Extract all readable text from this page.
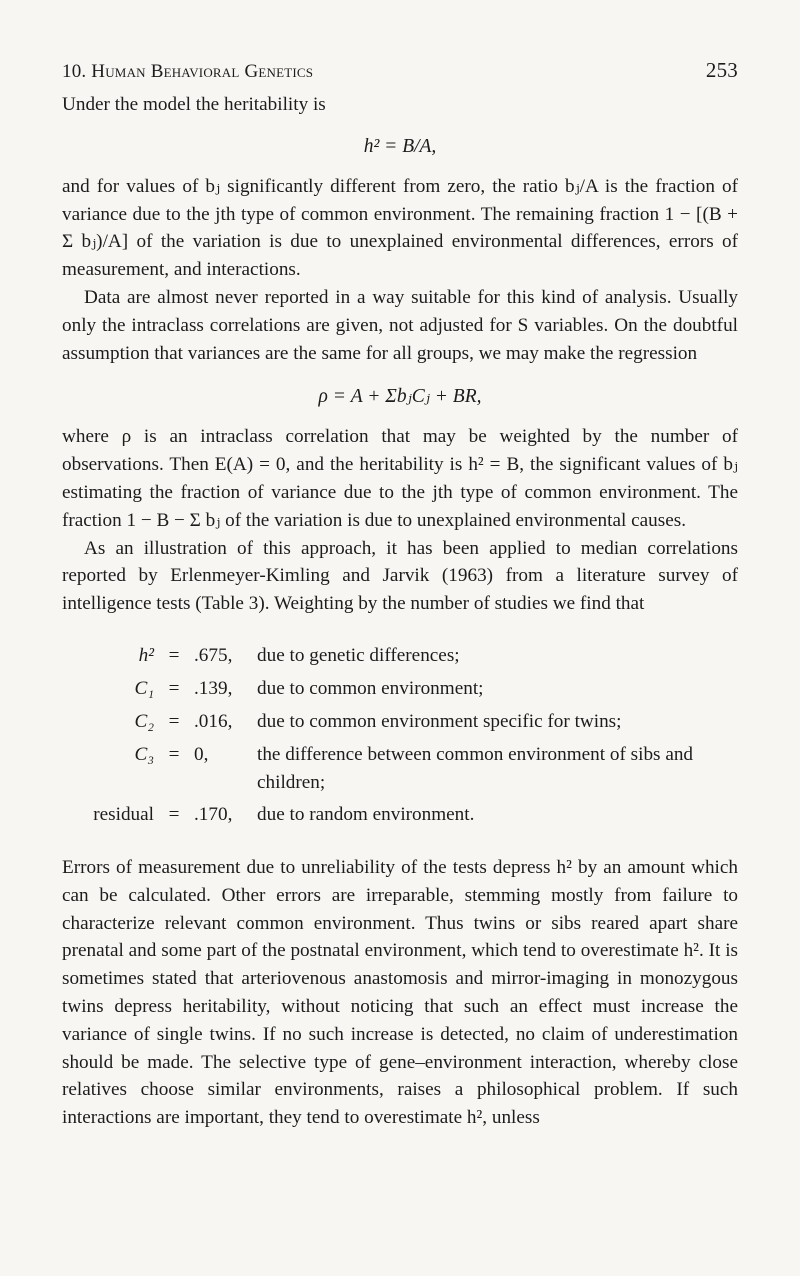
10. Human Behavioral Genetics	253

Under the model the heritability is

h² = B/A,

and for values of bⱼ significantly different from zero, the ratio bⱼ/A is the fraction of variance due to the jth type of common environment. The remaining fraction 1 − [(B + Σ bⱼ)/A] of the variation is due to unexplained environmental differences, errors of measurement, and interactions.

Data are almost never reported in a way suitable for this kind of analysis. Usually only the intraclass correlations are given, not adjusted for S variables. On the doubtful assumption that variances are the same for all groups, we may make the regression

ρ = A + ΣbⱼCⱼ + BR,

where ρ is an intraclass correlation that may be weighted by the number of observations. Then E(A) = 0, and the heritability is h² = B, the significant values of bⱼ estimating the fraction of variance due to the jth type of common environment. The fraction 1 − B − Σ bⱼ of the variation is due to unexplained environmental causes.

As an illustration of this approach, it has been applied to median correlations reported by Erlenmeyer-Kimling and Jarvik (1963) from a literature survey of intelligence tests (Table 3). Weighting by the number of studies we find that

h²	=	.675,	due to genetic differences;
C₁	=	.139,	due to common environment;
C₂	=	.016,	due to common environment specific for twins;
C₃	=	0,	the difference between common environment of sibs and children;
residual	=	.170,	due to random environment.

Errors of measurement due to unreliability of the tests depress h² by an amount which can be calculated. Other errors are irreparable, stemming mostly from failure to characterize relevant common environment. Thus twins or sibs reared apart share prenatal and some part of the postnatal environment, which tend to overestimate h². It is sometimes stated that arteriovenous anastomosis and mirror-imaging in monozygous twins depress heritability, without noticing that such an effect must increase the variance of single twins. If no such increase is detected, no claim of underestimation should be made. The selective type of gene–environment interaction, whereby close relatives choose similar environments, raises a philosophical problem. If such interactions are important, they tend to overestimate h², unless
